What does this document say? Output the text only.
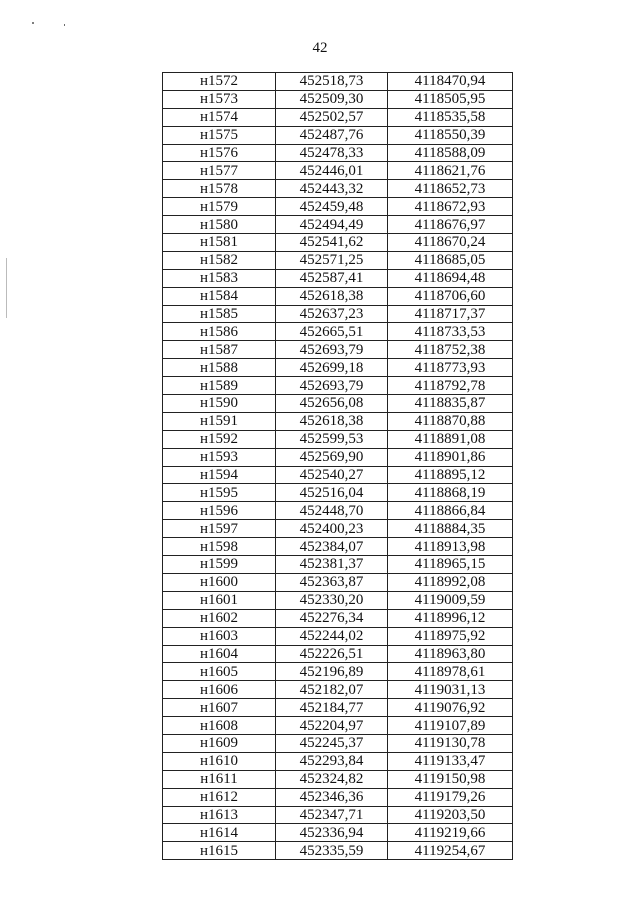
42
н1572	452518,73	4118470,94
н1573	452509,30	4118505,95
н1574	452502,57	4118535,58
н1575	452487,76	4118550,39
н1576	452478,33	4118588,09
н1577	452446,01	4118621,76
н1578	452443,32	4118652,73
н1579	452459,48	4118672,93
н1580	452494,49	4118676,97
н1581	452541,62	4118670,24
н1582	452571,25	4118685,05
н1583	452587,41	4118694,48
н1584	452618,38	4118706,60
н1585	452637,23	4118717,37
н1586	452665,51	4118733,53
н1587	452693,79	4118752,38
н1588	452699,18	4118773,93
н1589	452693,79	4118792,78
н1590	452656,08	4118835,87
н1591	452618,38	4118870,88
н1592	452599,53	4118891,08
н1593	452569,90	4118901,86
н1594	452540,27	4118895,12
н1595	452516,04	4118868,19
н1596	452448,70	4118866,84
н1597	452400,23	4118884,35
н1598	452384,07	4118913,98
н1599	452381,37	4118965,15
н1600	452363,87	4118992,08
н1601	452330,20	4119009,59
н1602	452276,34	4118996,12
н1603	452244,02	4118975,92
н1604	452226,51	4118963,80
н1605	452196,89	4118978,61
н1606	452182,07	4119031,13
н1607	452184,77	4119076,92
н1608	452204,97	4119107,89
н1609	452245,37	4119130,78
н1610	452293,84	4119133,47
н1611	452324,82	4119150,98
н1612	452346,36	4119179,26
н1613	452347,71	4119203,50
н1614	452336,94	4119219,66
н1615	452335,59	4119254,67
